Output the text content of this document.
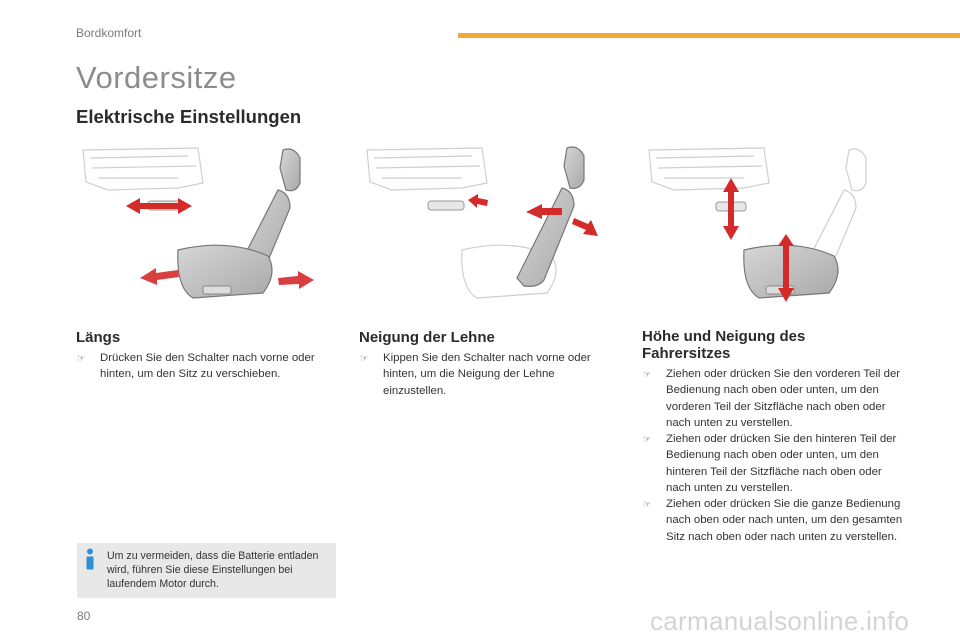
Bordkomfort
Vordersitze
Elektrische Einstellungen
Längs
☞	Drücken Sie den Schalter nach vorne oder hinten, um den Sitz zu verschieben.
Neigung der Lehne
☞	Kippen Sie den Schalter nach vorne oder hinten, um die Neigung der Lehne einzustellen.
Höhe und Neigung des Fahrersitzes
☞	Ziehen oder drücken Sie den vorderen Teil der Bedienung nach oben oder unten, um den vorderen Teil der Sitzfläche nach oben oder nach unten zu verstellen.
☞	Ziehen oder drücken Sie den hinteren Teil der Bedienung nach oben oder unten, um den hinteren Teil der Sitzfläche nach oben oder nach unten zu verstellen.
☞	Ziehen oder drücken Sie die ganze Bedienung nach oben oder nach unten, um den gesamten Sitz nach oben oder nach unten zu verstellen.
Um zu vermeiden, dass die Batterie entladen wird, führen Sie diese Einstellungen bei laufendem Motor durch.
80	carmanualsonline.info
